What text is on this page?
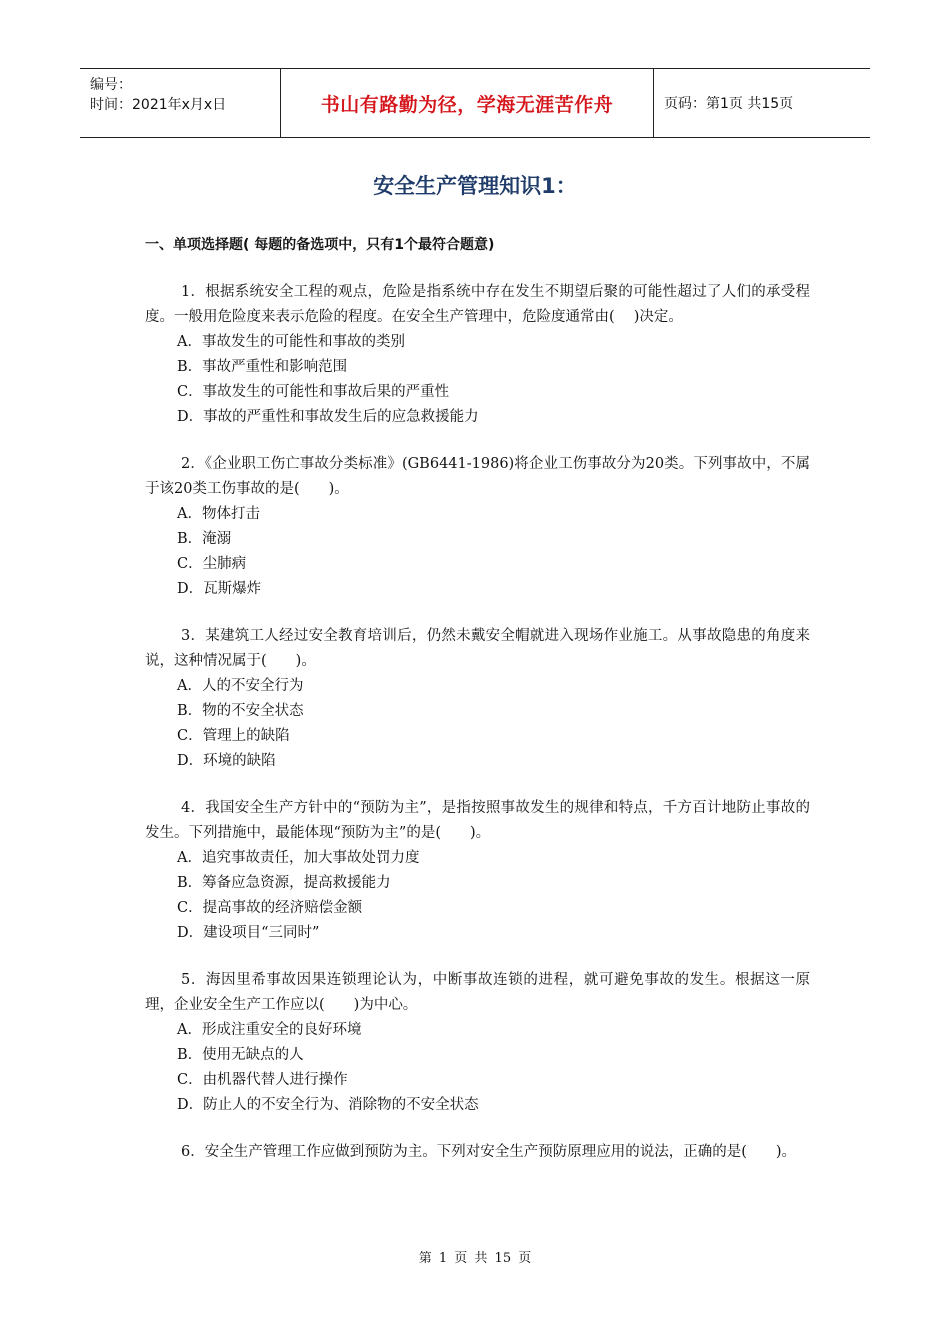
编号：
时间：2021年x月x日	书山有路勤为径，学海无涯苦作舟	页码：第1页 共15页
安全生产管理知识1：
一、单项选择题( 每题的备选项中，只有1个最符合题意)

1．根据系统安全工程的观点，危险是指系统中存在发生不期望后聚的可能性超过了人们的承受程度。一般用危险度来表示危险的程度。在安全生产管理中，危险度通常由(　 )决定。

A．事故发生的可能性和事故的类别
B．事故严重性和影响范围
C．事故发生的可能性和事故后果的严重性
D．事故的严重性和事故发生后的应急救援能力

2．《企业职工伤亡事故分类标准》(GB6441-1986)将企业工伤事故分为20类。下列事故中，不属于该20类工伤事故的是(　　)。

A．物体打击
B．淹溺
C．尘肺病
D．瓦斯爆炸

3．某建筑工人经过安全教育培训后，仍然未戴安全帽就进入现场作业施工。从事故隐患的角度来说，这种情况属于(　　)。

A．人的不安全行为
B．物的不安全状态
C．管理上的缺陷
D．环境的缺陷

4．我国安全生产方针中的“预防为主”，是指按照事故发生的规律和特点，千方百计地防止事故的发生。下列措施中，最能体现“预防为主”的是(　　)。

A．追究事故责任，加大事故处罚力度
B．筹备应急资源，提高救援能力
C．提高事故的经济赔偿金额
D．建设项目“三同时”

5．海因里希事故因果连锁理论认为，中断事故连锁的进程，就可避免事故的发生。根据这一原理，企业安全生产工作应以(　　)为中心。

A．形成注重安全的良好环境
B．使用无缺点的人
C．由机器代替人进行操作
D．防止人的不安全行为、消除物的不安全状态

6．安全生产管理工作应做到预防为主。下列对安全生产预防原理应用的说法，正确的是(　　)。

第 1 页 共 15 页
